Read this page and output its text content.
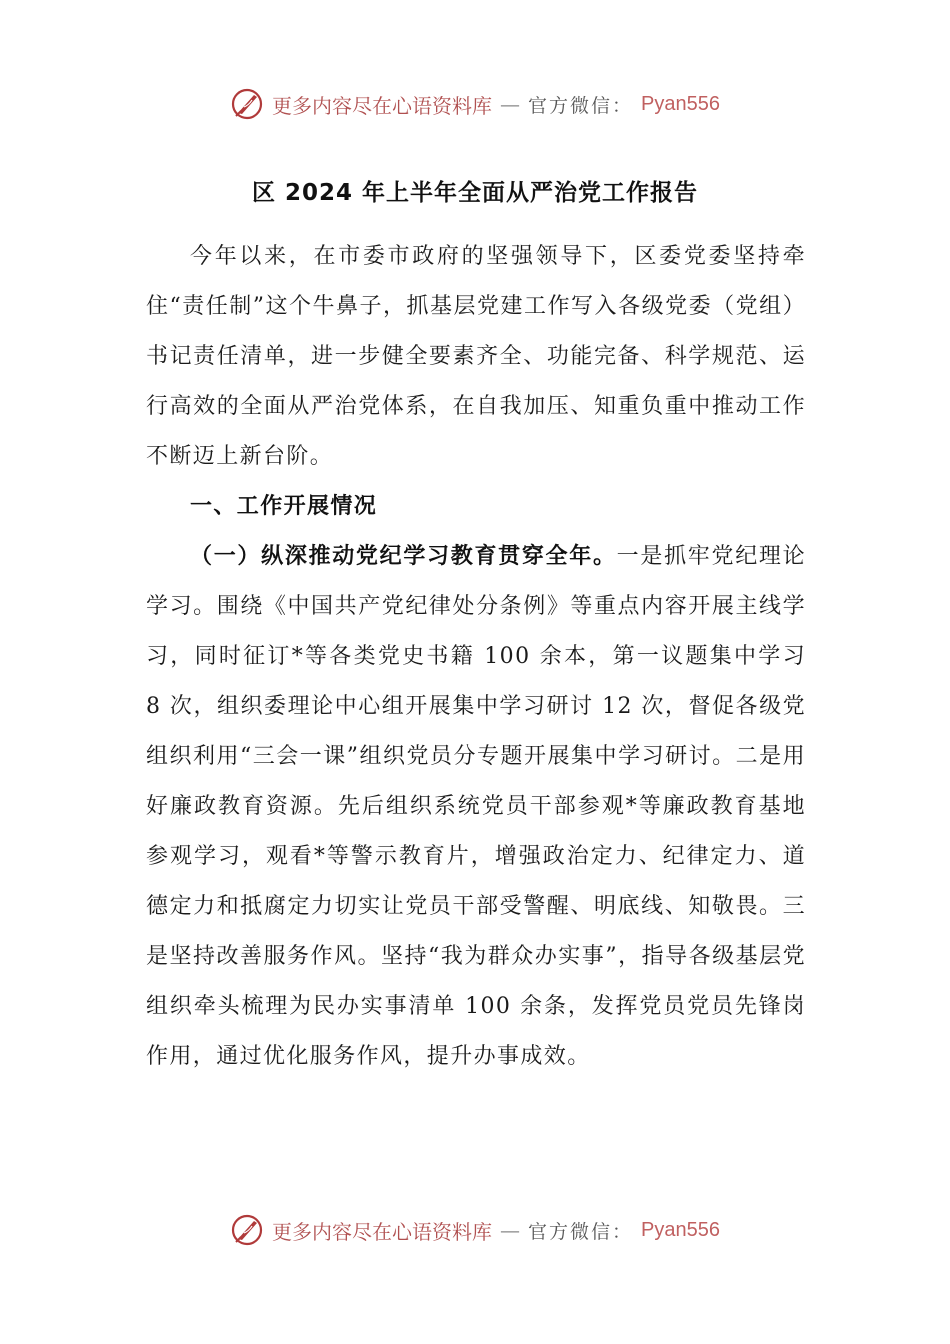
更多内容尽在心语资料库 — 官方微信： Pyan556
区 2024 年上半年全面从严治党工作报告

今年以来，在市委市政府的坚强领导下，区委党委坚持牵住“责任制”这个牛鼻子，抓基层党建工作写入各级党委（党组）书记责任清单，进一步健全要素齐全、功能完备、科学规范、运行高效的全面从严治党体系，在自我加压、知重负重中推动工作不断迈上新台阶。

一、工作开展情况

（一）纵深推动党纪学习教育贯穿全年。一是抓牢党纪理论学习。围绕《中国共产党纪律处分条例》等重点内容开展主线学习，同时征订*等各类党史书籍 100 余本，第一议题集中学习 8 次，组织委理论中心组开展集中学习研讨 12 次，督促各级党组织利用“三会一课”组织党员分专题开展集中学习研讨。二是用好廉政教育资源。先后组织系统党员干部参观*等廉政教育基地参观学习，观看*等警示教育片，增强政治定力、纪律定力、道德定力和抵腐定力切实让党员干部受警醒、明底线、知敬畏。三是坚持改善服务作风。坚持“我为群众办实事”，指导各级基层党组织牵头梳理为民办实事清单 100 余条，发挥党员党员先锋岗作用，通过优化服务作风，提升办事成效。

更多内容尽在心语资料库 — 官方微信： Pyan556
